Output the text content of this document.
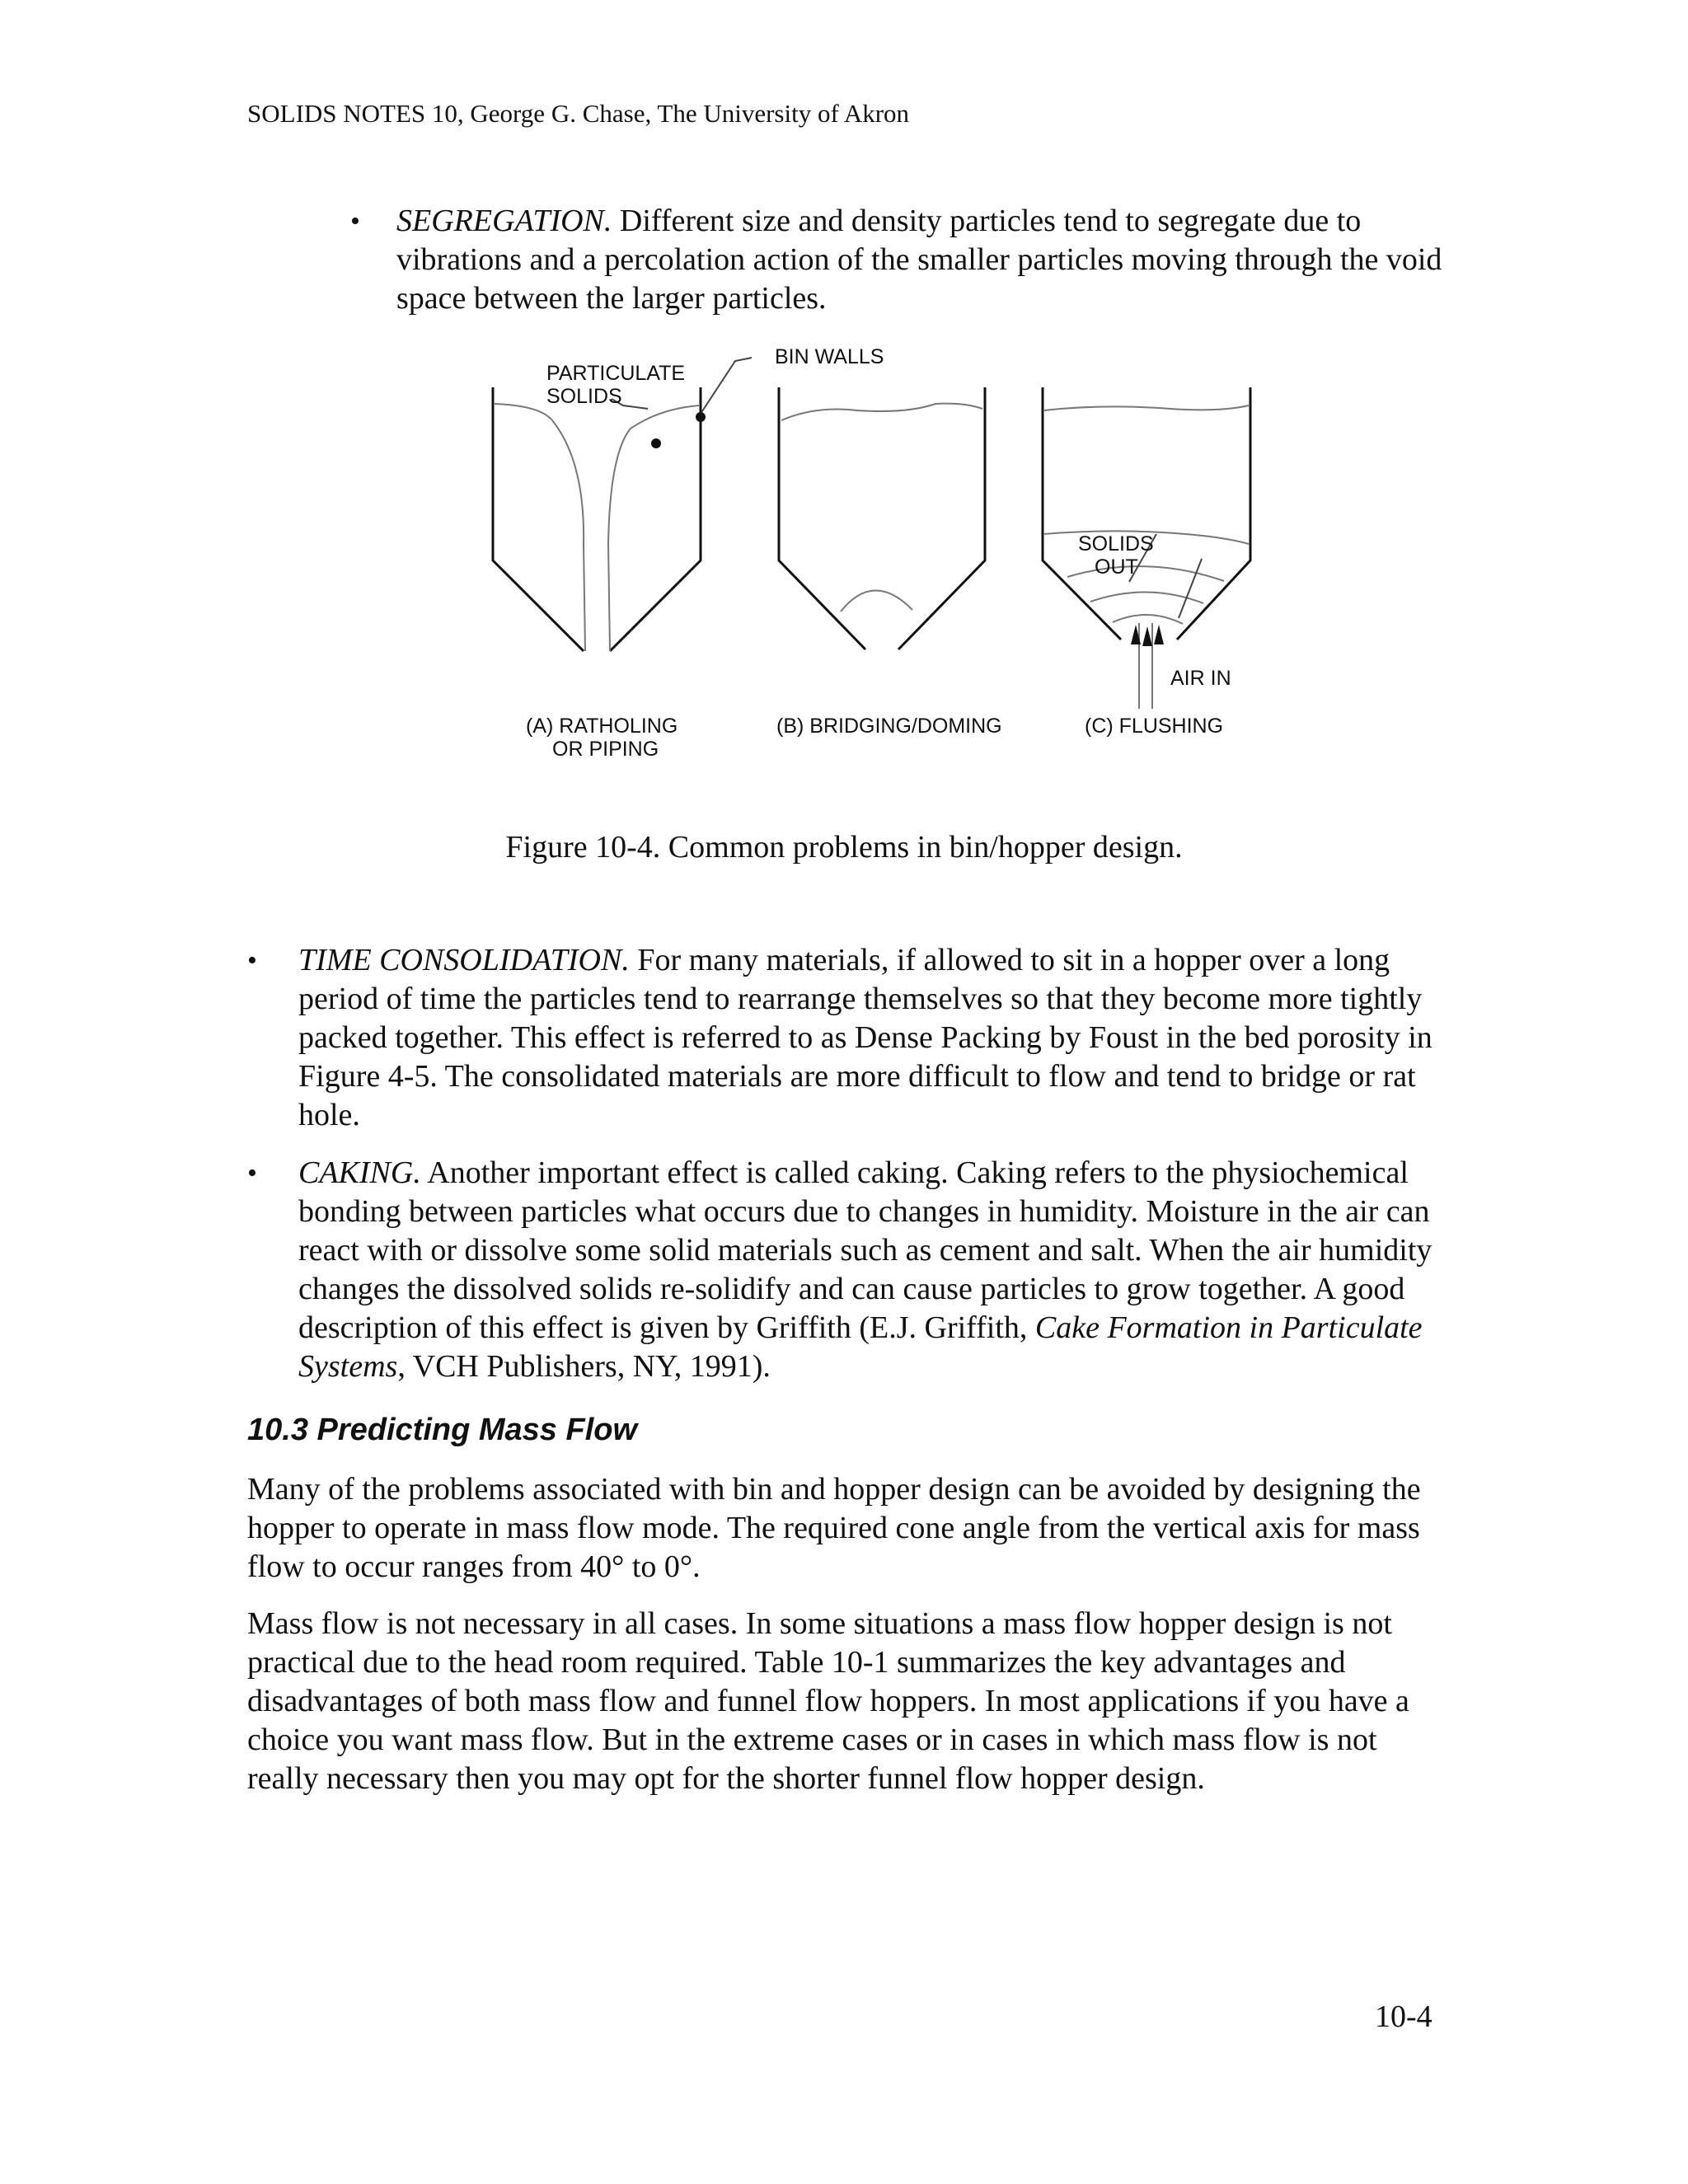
SOLIDS NOTES 10, George G. Chase, The University of Akron
• SEGREGATION. Different size and density particles tend to segregate due to vibrations and a percolation action of the smaller particles moving through the void space between the larger particles.

PARTICULATE
SOLIDS
BIN WALLS
SOLIDS
OUT
AIR IN
(A) RATHOLING
OR PIPING
(B) BRIDGING/DOMING	(C) FLUSHING
Figure 10-4. Common problems in bin/hopper design.
• TIME CONSOLIDATION. For many materials, if allowed to sit in a hopper over a long period of time the particles tend to rearrange themselves so that they become more tightly packed together. This effect is referred to as Dense Packing by Foust in the bed porosity in Figure 4-5. The consolidated materials are more difficult to flow and tend to bridge or rat hole.

• CAKING. Another important effect is called caking. Caking refers to the physiochemical bonding between particles what occurs due to changes in humidity. Moisture in the air can react with or dissolve some solid materials such as cement and salt. When the air humidity changes the dissolved solids re-solidify and can cause particles to grow together. A good description of this effect is given by Griffith (E.J. Griffith, Cake Formation in Particulate Systems, VCH Publishers, NY, 1991).

10.3 Predicting Mass Flow

Many of the problems associated with bin and hopper design can be avoided by designing the hopper to operate in mass flow mode. The required cone angle from the vertical axis for mass flow to occur ranges from 40° to 0°.

Mass flow is not necessary in all cases. In some situations a mass flow hopper design is not practical due to the head room required. Table 10-1 summarizes the key advantages and disadvantages of both mass flow and funnel flow hoppers. In most applications if you have a choice you want mass flow. But in the extreme cases or in cases in which mass flow is not really necessary then you may opt for the shorter funnel flow hopper design.

10-4
